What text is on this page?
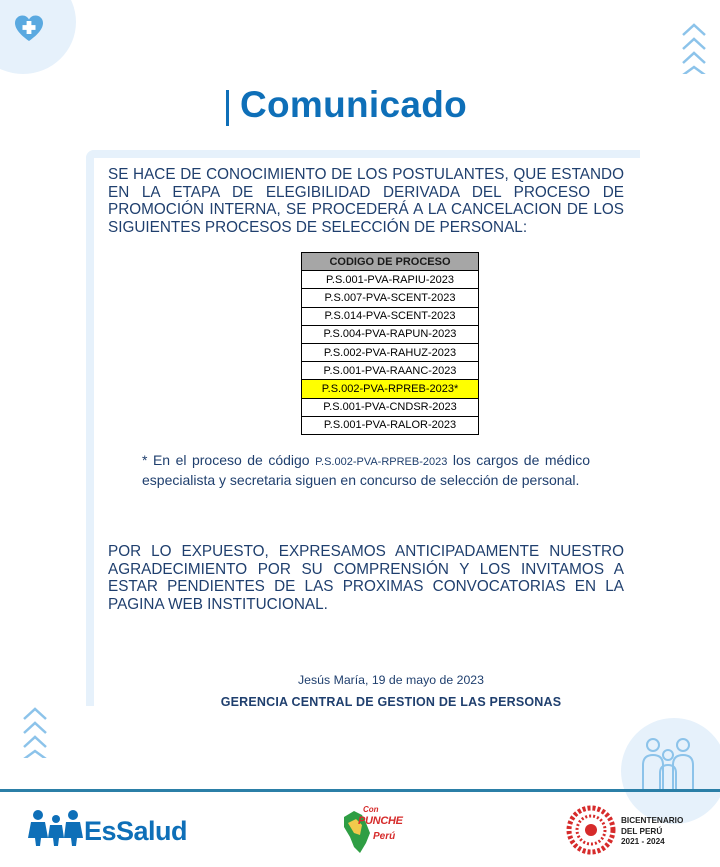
Comunicado
SE HACE DE CONOCIMIENTO DE LOS POSTULANTES, QUE ESTANDO EN LA ETAPA DE ELEGIBILIDAD DERIVADA DEL PROCESO DE PROMOCIÓN INTERNA, SE PROCEDERÁ A LA CANCELACION DE LOS SIGUIENTES PROCESOS DE SELECCIÓN DE PERSONAL:
CODIGO DE PROCESO
P.S.001-PVA-RAPIU-2023
P.S.007-PVA-SCENT-2023
P.S.014-PVA-SCENT-2023
P.S.004-PVA-RAPUN-2023
P.S.002-PVA-RAHUZ-2023
P.S.001-PVA-RAANC-2023
P.S.002-PVA-RPREB-2023*
P.S.001-PVA-CNDSR-2023
P.S.001-PVA-RALOR-2023
* En el proceso de código P.S.002-PVA-RPREB-2023 los cargos de médico especialista y secretaria siguen en concurso de selección de personal.
POR LO EXPUESTO, EXPRESAMOS ANTICIPADAMENTE NUESTRO AGRADECIMIENTO POR SU COMPRENSIÓN Y LOS INVITAMOS A ESTAR PENDIENTES DE LAS PROXIMAS CONVOCATORIAS EN LA PAGINA WEB INSTITUCIONAL.
Jesús María, 19 de mayo de 2023
GERENCIA CENTRAL DE GESTION DE LAS PERSONAS
EsSalud
Con
PUNCHE
Perú
BICENTENARIO
DEL PERÚ
2021 - 2024
